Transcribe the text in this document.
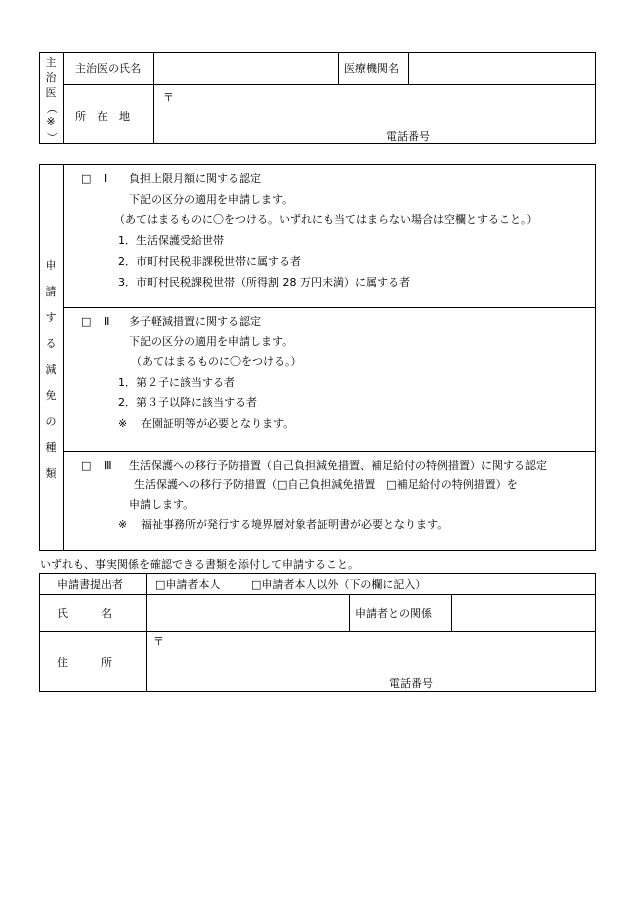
主
治
医
（
※
）
主治医の氏名	医療機関名
所　在　地
〒
電話番号
申
請
す
る
減
免
の
種
類
□ Ⅰ 負担上限月額に関する認定
下記の区分の適用を申請します。
（あてはまるものに〇をつける。いずれにも当てはまらない場合は空欄とすること。）
1．生活保護受給世帯
2．市町村民税非課税世帯に属する者
3．市町村民税課税世帯（所得割 28 万円未満）に属する者
□ Ⅱ 多子軽減措置に関する認定
下記の区分の適用を申請します。
（あてはまるものに〇をつける。）
1．第２子に該当する者
2．第３子以降に該当する者
※ 在園証明等が必要となります。
□ Ⅲ 生活保護への移行予防措置（自己負担減免措置、補足給付の特例措置）に関する認定
生活保護への移行予防措置（□自己負担減免措置　□補足給付の特例措置）を
申請します。
※ 福祉事務所が発行する境界層対象者証明書が必要となります。
いずれも、事実関係を確認できる書類を添付して申請すること。
申請書提出者	□申請者本人	□申請者本人以外（下の欄に記入）
氏　　　名	申請者との関係
住　　　所
〒
電話番号
